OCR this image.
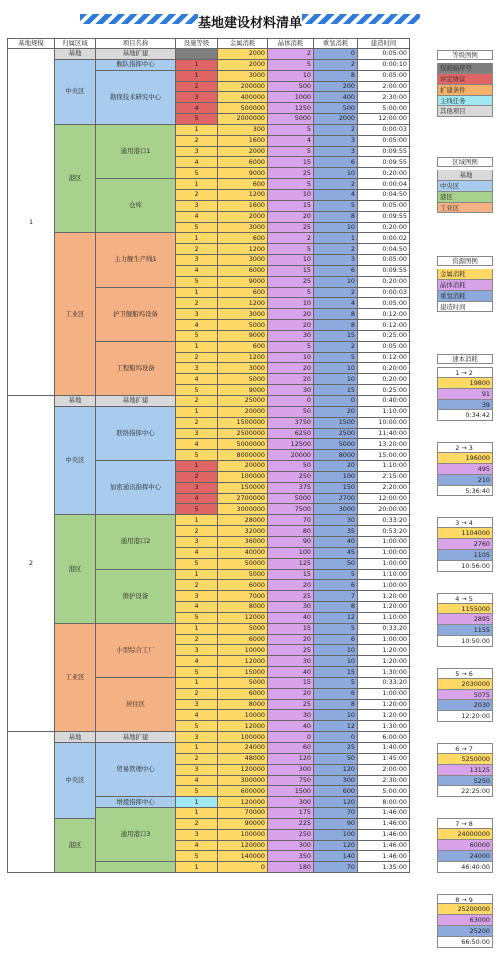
基地建设材料清单
基地规模	归属区域	项目名称	设施等级	金属消耗	晶体消耗	重氢消耗	建造时间
1	基地	基地扩建		2000	2	0	0:05:00
	中央区	舰队指挥中心	1	2000	5	2	0:00:10
		勘探技术研究中心	1	3000	10	8	0:05:00
			2	200000	500	200	2:00:00
			3	400000	1000	400	2:30:00
			4	500000	1250	500	5:00:00
			5	2000000	5000	2000	12:00:00
	港区	通用港口1	1	300	5	2	0:00:03
			2	1600	4	3	0:05:00
			3	2000	5	3	0:09:55
			4	6000	15	6	0:09:55
			5	9000	25	10	0:20:00
		仓库	1	600	5	2	0:00:04
			2	1200	10	4	0:04:50
			3	1600	15	5	0:05:00
			4	2000	20	8	0:09:55
			5	3000	25	10	0:20:00
	工业区	主力舰生产线1	1	600	2	1	0:00:02
			2	1200	5	2	0:04:50
			3	3000	10	3	0:05:00
			4	6000	15	6	0:09:55
			5	9000	25	10	0:20:00
		护卫舰船坞设备	1	600	5	2	0:00:03
			2	1200	10	4	0:05:00
			3	3000	20	8	0:12:00
			4	5000	20	8	0:12:00
			5	9000	30	15	0:25:00
		工程船坞设备	1	600	5	2	0:05:00
			2	1200	10	5	0:12:00
			3	3000	20	10	0:20:00
			4	5000	20	10	0:20:00
			5	9000	30	15	0:25:00
2	基地	基地扩建	2	25000	0	0	0:40:00
	中央区	联络指挥中心	1	20000	50	20	1:10:00
			2	1500000	3750	1500	10:00:00
			3	2500000	6250	2500	11:40:00
			4	5000000	12500	5000	13:20:00
			5	8000000	20000	8000	15:00:00
		加密通讯指挥中心	1	20000	50	20	1:10:00
			2	100000	250	100	2:15:00
			3	150000	375	150	2:20:00
			4	2700000	5000	2700	12:00:00
			5	3000000	7500	3000	20:00:00
	港区	通用港口2	1	28000	70	30	0:33:20
			2	32000	80	35	0:53:20
			3	36000	90	40	1:00:00
			4	40000	100	45	1:00:00
			5	50000	125	50	1:00:00
		维护设备	1	5000	15	5	1:10:00
			2	6000	20	6	1:00:00
			3	7000	25	7	1:20:00
			4	8000	30	8	1:20:00
			5	12000	40	12	1:10:00
	工业区	小型综合工厂	1	5000	15	5	0:33:20
			2	6000	20	6	1:00:00
			3	10000	25	10	1:20:00
			4	12000	30	10	1:20:00
			5	15000	40	15	1:30:00
		居住区	1	5000	15	5	0:33:20
			2	6000	20	6	1:00:00
			3	8000	25	8	1:20:00
			4	10000	30	10	1:20:00
			5	12000	40	12	1:30:00
	基地	基地扩建	3	100000	0	0	6:00:00
	中央区	贸易管理中心	1	24000	60	25	1:40:00
			2	48000	120	50	1:45:00
			3	120000	300	120	2:00:00
			4	300000	750	300	2:30:00
			5	600000	1500	600	5:00:00
		增援指挥中心	1	120000	300	120	8:00:00
		通用港口3	1	70000	175	70	1:46:00
	港区		2	90000	225	90	1:46:00
			3	100000	250	100	1:46:00
			4	120000	300	120	1:46:00
			5	140000	350	140	1:46:00
			1	0	180	70	1:35:00
等级图例
仅初始序号
评定协议
扩建条件
主线任务
其他项目
区域图例
基地
中央区
港区
工业区
资源图例
金属消耗
晶体消耗
重氢消耗
建造时间
速本消耗
1 → 2
19800
91
39
0:34:42
2 → 3
196000
495
210
5:36:40
3 → 4
1104000
2760
1105
10:56:00
4 → 5
1155000
2895
1155
10:50:00
5 → 6
2030000
5075
2030
12:20:00
6 → 7
5250000
13125
5250
22:25:00
7 → 8
24000000
60000
24000
46:40:00
8 → 9
25200000
63000
25200
66:50:00
